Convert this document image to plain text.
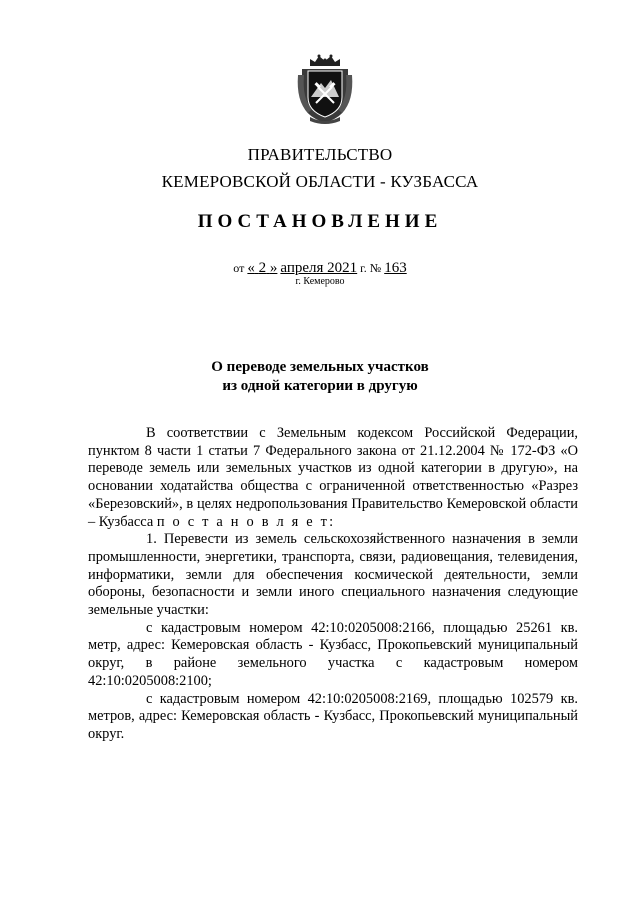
ПРАВИТЕЛЬСТВО
КЕМЕРОВСКОЙ ОБЛАСТИ - КУЗБАССА
ПОСТАНОВЛЕНИЕ
от « 2 » апреля 2021 г. № 163
г. Кемерово
О переводе земельных участков
из одной категории в другую

В соответствии с Земельным кодексом Российской Федерации, пунктом 8 части 1 статьи 7 Федерального закона от 21.12.2004 № 172-ФЗ «О переводе земель или земельных участков из одной категории в другую», на основании ходатайства общества с ограниченной ответственностью «Разрез «Березовский», в целях недропользования Правительство Кемеровской области – Кузбасса п о с т а н о в л я е т:

1. Перевести из земель сельскохозяйственного назначения в земли промышленности, энергетики, транспорта, связи, радиовещания, телевидения, информатики, земли для обеспечения космической деятельности, земли обороны, безопасности и земли иного специального назначения следующие земельные участки:

с кадастровым номером 42:10:0205008:2166, площадью 25261 кв. метр, адрес: Кемеровская область - Кузбасс, Прокопьевский муниципальный округ, в районе земельного участка с кадастровым номером 42:10:0205008:2100;

с кадастровым номером 42:10:0205008:2169, площадью 102579 кв. метров, адрес: Кемеровская область - Кузбасс, Прокопьевский муниципальный округ.
